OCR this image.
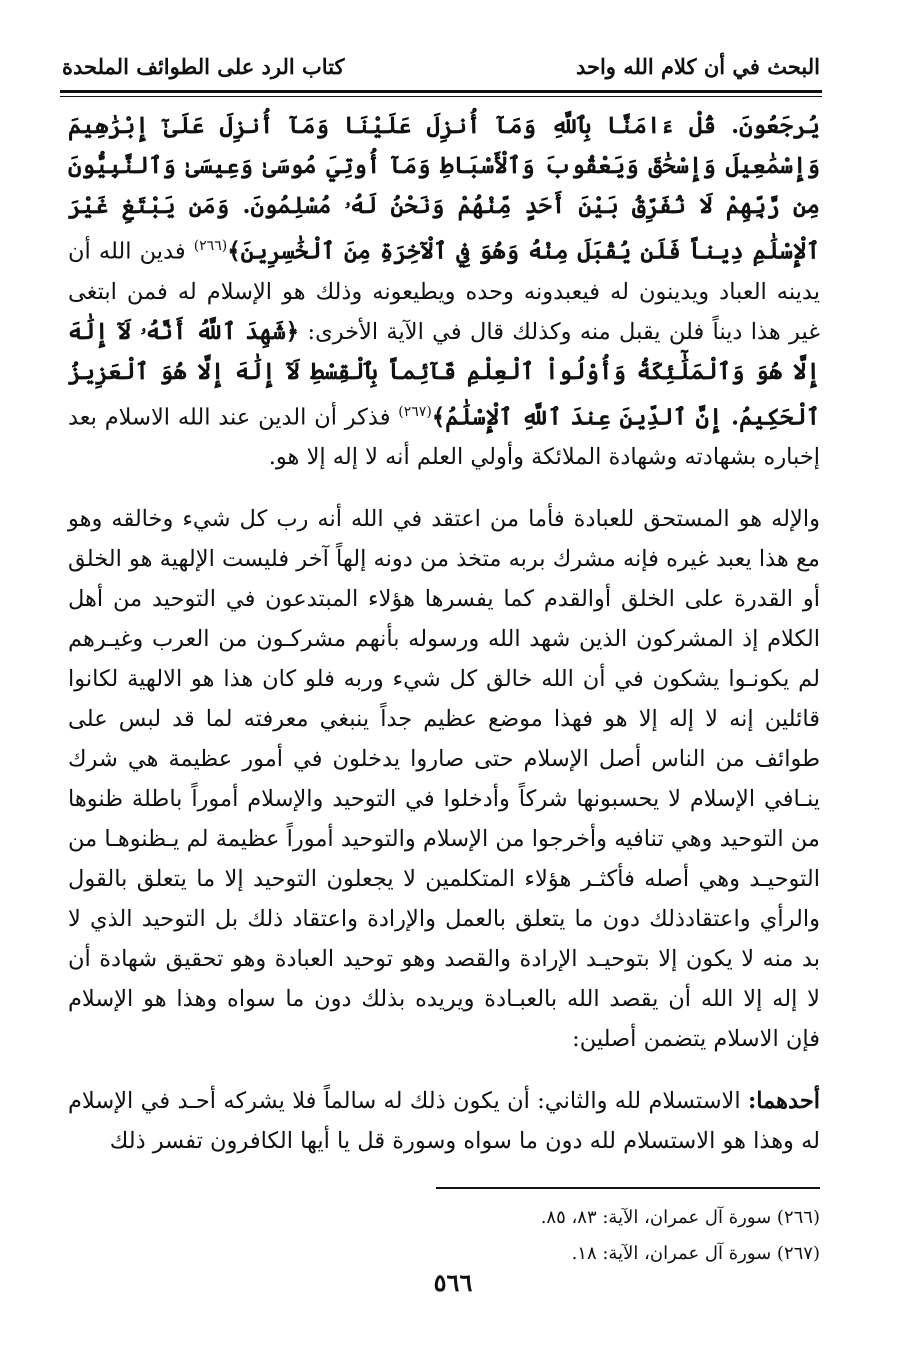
البحث في أن كلام الله واحد
كتاب الرد على الطوائف الملحدة

يُرجَعُونَ. قُلْ ءَامَنَّا بِٱللَّهِ وَمَآ أُنزِلَ عَلَيْنَا وَمَآ أُنزِلَ عَلَىٰٓ إِبْرَٰهِيمَ وَإِسْمَٰعِيلَ وَإِسْحَٰقَ وَيَعْقُوبَ وَٱلْأَسْبَاطِ وَمَآ أُوتِيَ مُوسَىٰ وَعِيسَىٰ وَٱلنَّبِيُّونَ مِن رَّبِّهِمْ لَا نُفَرِّقُ بَيْنَ أَحَدٍ مِّنْهُمْ وَنَحْنُ لَهُۥ مُسْلِمُونَ. وَمَن يَبْتَغِ غَيْرَ ٱلْإِسْلَٰمِ دِيناً فَلَن يُقْبَلَ مِنْهُ وَهُوَ فِي ٱلْآخِرَةِ مِنَ ٱلْخَٰسِرِينَ﴾$^{(٢٦٦)}$ فدين الله أن يدينه العباد ويدينون له فيعبدونه وحده ويطيعونه وذلك هو الإسلام له فمن ابتغى غير هذا ديناً فلن يقبل منه وكذلك قال في الآية الأخرى: ﴿شَهِدَ ٱللَّهُ أَنَّهُۥ لَآ إِلَٰهَ إِلَّا هُوَ وَٱلْمَلَٰٓئِكَةُ وَأُوْلُواْ ٱلْعِلْمِ قَآئِماً بِٱلْقِسْطِ لَآ إِلَٰهَ إِلَّا هُوَ ٱلْعَزِيزُ ٱلْحَكِيمُ. إِنَّ ٱلدِّينَ عِندَ ٱللَّهِ ٱلْإِسْلَٰمُ﴾$^{(٢٦٧)}$ فذكر أن الدين عند الله الاسلام بعد إخباره بشهادته وشهادة الملائكة وأولي العلم أنه لا إله إلا هو.

والإله هو المستحق للعبادة فأما من اعتقد في الله أنه رب كل شيء وخالقه وهو مع هذا يعبد غيره فإنه مشرك بربه متخذ من دونه إلهاً آخر فليست الإلهية هو الخلق أو القدرة على الخلق أوالقدم كما يفسرها هؤلاء المبتدعون في التوحيد من أهل الكلام إذ المشركون الذين شهد الله ورسوله بأنهم مشركـون من العرب وغيـرهم لم يكونـوا يشكون في أن الله خالق كل شيء وربه فلو كان هذا هو الالهية لكانوا قائلين إنه لا إله إلا هو فهذا موضع عظيم جداً ينبغي معرفته لما قد لبس على طوائف من الناس أصل الإسلام حتى صاروا يدخلون في أمور عظيمة هي شرك ينـافي الإسلام لا يحسبونها شركاً وأدخلوا في التوحيد والإسلام أموراً باطلة ظنوها من التوحيد وهي تنافيه وأخرجوا من الإسلام والتوحيد أموراً عظيمة لم يـظنوهـا من التوحيـد وهي أصله فأكثـر هؤلاء المتكلمين لا يجعلون التوحيد إلا ما يتعلق بالقول والرأي واعتقادذلك دون ما يتعلق بالعمل والإرادة واعتقاد ذلك بل التوحيد الذي لا بد منه لا يكون إلا بتوحيـد الإرادة والقصد وهو توحيد العبادة وهو تحقيق شهادة أن لا إله إلا الله أن يقصد الله بالعبـادة ويريده بذلك دون ما سواه وهذا هو الإسلام فإن الاسلام يتضمن أصلين:

أحدهما: الاستسلام لله والثاني: أن يكون ذلك له سالماً فلا يشركه أحـد في الإسلام له وهذا هو الاستسلام لله دون ما سواه وسورة قل يا أيها الكافرون تفسر ذلك

(٢٦٦) سورة آل عمران، الآية: ٨٣، ٨٥.
(٢٦٧) سورة آل عمران، الآية: ١٨.
٥٦٦
